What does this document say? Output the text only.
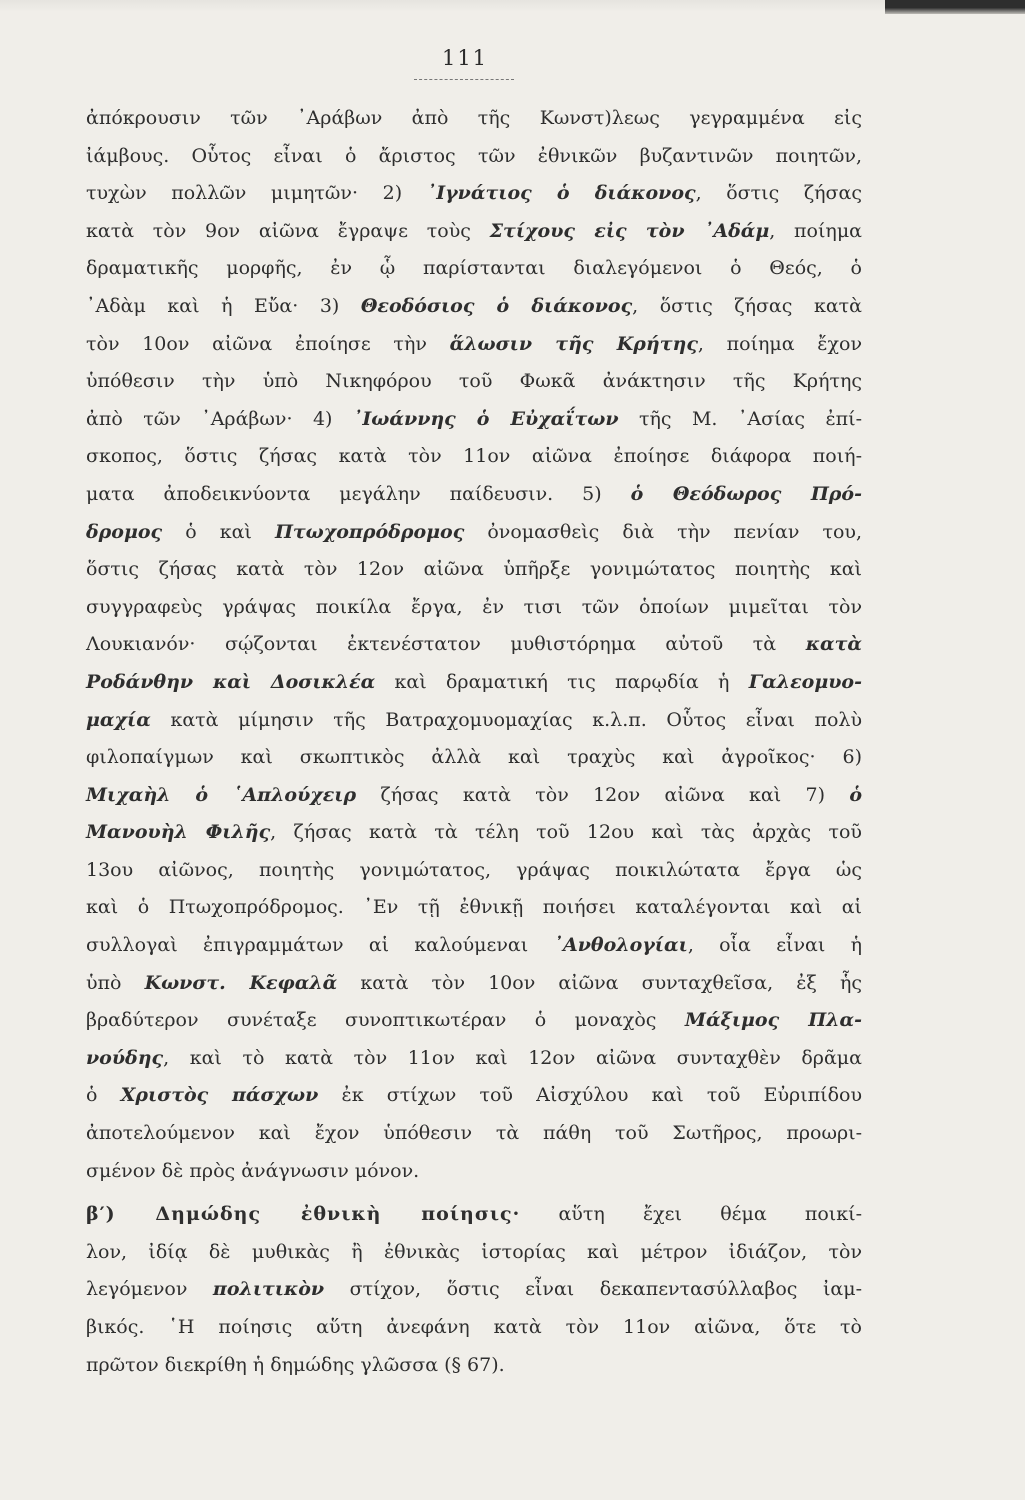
111
ἀπόκρουσιν τῶν ᾿Αράβων ἀπὸ τῆς Κωνστ)λεως γεγραμμένα εἰς
ἰάμβους. Οὗτος εἶναι ὁ ἄριστος τῶν ἐθνικῶν βυζαντινῶν ποιητῶν,
τυχὼν πολλῶν μιμητῶν· 2) ᾿Ιγνάτιος ὁ διάκονος, ὅστις ζήσας
κατὰ τὸν 9ον αἰῶνα ἔγραψε τοὺς Στίχους εἰς τὸν ᾿Αδάμ, ποίημα
δραματικῆς μορφῆς, ἐν ᾧ παρίστανται διαλεγόμενοι ὁ Θεός, ὁ
᾿Αδὰμ καὶ ἡ Εὔα· 3) Θεοδόσιος ὁ διάκονος, ὅστις ζήσας κατὰ
τὸν 10ον αἰῶνα ἐποίησε τὴν ἅλωσιν τῆς Κρήτης, ποίημα ἔχον
ὑπόθεσιν τὴν ὑπὸ Νικηφόρου τοῦ Φωκᾶ ἀνάκτησιν τῆς Κρήτης
ἀπὸ τῶν ᾿Αράβων· 4) ᾿Ιωάννης ὁ Εὐχαΐτων τῆς Μ. ᾿Ασίας ἐπί-
σκοπος, ὅστις ζήσας κατὰ τὸν 11ον αἰῶνα ἐποίησε διάφορα ποιή-
ματα ἀποδεικνύοντα μεγάλην παίδευσιν. 5) ὁ Θεόδωρος Πρό-
δρομος ὁ καὶ Πτωχοπρόδρομος ὀνομασθεὶς διὰ τὴν πενίαν του,
ὅστις ζήσας κατὰ τὸν 12ον αἰῶνα ὑπῆρξε γονιμώτατος ποιητὴς καὶ
συγγραφεὺς γράψας ποικίλα ἔργα, ἐν τισι τῶν ὁποίων μιμεῖται τὸν
Λουκιανόν· σῴζονται ἐκτενέστατον μυθιστόρημα αὐτοῦ τὰ κατὰ
Ροδάνθην καὶ Δοσικλέα καὶ δραματική τις παρῳδία ἡ Γαλεομυο-
μαχία κατὰ μίμησιν τῆς Βατραχομυομαχίας κ.λ.π. Οὗτος εἶναι πολὺ
φιλοπαίγμων καὶ σκωπτικὸς ἀλλὰ καὶ τραχὺς καὶ ἀγροῖκος· 6)
Μιχαὴλ ὁ ῾Απλούχειρ ζήσας κατὰ τὸν 12ον αἰῶνα καὶ 7) ὁ
Μανουὴλ Φιλῆς, ζήσας κατὰ τὰ τέλη τοῦ 12ου καὶ τὰς ἀρχὰς τοῦ
13ου αἰῶνος, ποιητὴς γονιμώτατος, γράψας ποικιλώτατα ἔργα ὡς
καὶ ὁ Πτωχοπρόδρομος. ᾿Εν τῇ ἐθνικῇ ποιήσει καταλέγονται καὶ αἱ
συλλογαὶ ἐπιγραμμάτων αἱ καλούμεναι ᾿Ανθολογίαι, οἷα εἶναι ἡ
ὑπὸ Κωνστ. Κεφαλᾶ κατὰ τὸν 10ον αἰῶνα συνταχθεῖσα, ἐξ ἧς
βραδύτερον συνέταξε συνοπτικωτέραν ὁ μοναχὸς Μάξιμος Πλα-
νούδης, καὶ τὸ κατὰ τὸν 11ον καὶ 12ον αἰῶνα συνταχθὲν δρᾶμα
ὁ Χριστὸς πάσχων ἐκ στίχων τοῦ Αἰσχύλου καὶ τοῦ Εὐριπίδου
ἀποτελούμενον καὶ ἔχον ὑπόθεσιν τὰ πάθη τοῦ Σωτῆρος, προωρι-
σμένον δὲ πρὸς ἀνάγνωσιν μόνον.
β′) Δημώδης ἐθνικὴ ποίησις· αὕτη ἔχει θέμα ποικί-
λον, ἰδίᾳ δὲ μυθικὰς ἢ ἐθνικὰς ἱστορίας καὶ μέτρον ἰδιάζον, τὸν
λεγόμενον πολιτικὸν στίχον, ὅστις εἶναι δεκαπεντασύλλαβος ἰαμ-
βικός. ῾Η ποίησις αὕτη ἀνεφάνη κατὰ τὸν 11ον αἰῶνα, ὅτε τὸ
πρῶτον διεκρίθη ἡ δημώδης γλῶσσα (§ 67).
